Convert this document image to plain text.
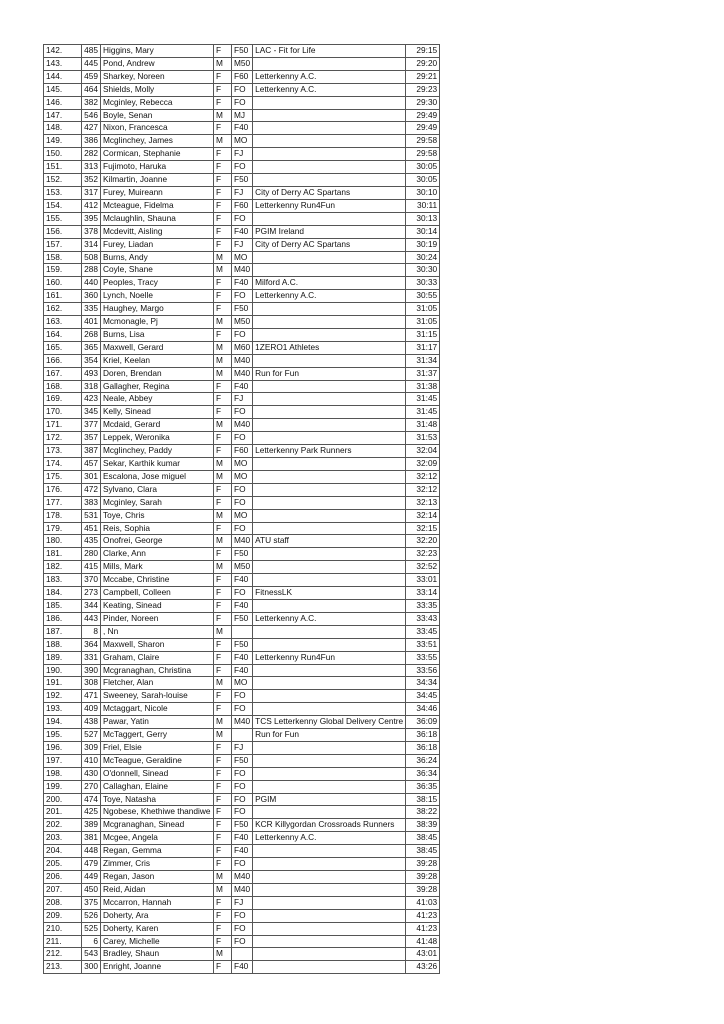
142.	485	Higgins, Mary	F	F50	LAC - Fit for Life	29:15
143.	445	Pond, Andrew	M	M50		29:20
144.	459	Sharkey, Noreen	F	F60	Letterkenny A.C.	29:21
145.	464	Shields, Molly	F	FO	Letterkenny A.C.	29:23
146.	382	Mcginley, Rebecca	F	FO		29:30
147.	546	Boyle, Senan	M	MJ		29:49
148.	427	Nixon, Francesca	F	F40		29:49
149.	386	Mcglinchey, James	M	MO		29:58
150.	282	Cormican, Stephanie	F	FJ		29:58
151.	313	Fujimoto, Haruka	F	FO		30:05
152.	352	Kilmartin, Joanne	F	F50		30:05
153.	317	Furey, Muireann	F	FJ	City of Derry AC Spartans	30:10
154.	412	Mcteague, Fidelma	F	F60	Letterkenny Run4Fun	30:11
155.	395	Mclaughlin, Shauna	F	FO		30:13
156.	378	Mcdevitt, Aisling	F	F40	PGIM Ireland	30:14
157.	314	Furey, Liadan	F	FJ	City of Derry AC Spartans	30:19
158.	508	Burns, Andy	M	MO		30:24
159.	288	Coyle, Shane	M	M40		30:30
160.	440	Peoples, Tracy	F	F40	Milford A.C.	30:33
161.	360	Lynch, Noelle	F	FO	Letterkenny A.C.	30:55
162.	335	Haughey, Margo	F	F50		31:05
163.	401	Mcmonagle, Pj	M	M50		31:05
164.	268	Burns, Lisa	F	FO		31:15
165.	365	Maxwell, Gerard	M	M60	1ZERO1 Athletes	31:17
166.	354	Kriel, Keelan	M	M40		31:34
167.	493	Doren, Brendan	M	M40	Run for Fun	31:37
168.	318	Gallagher, Regina	F	F40		31:38
169.	423	Neale, Abbey	F	FJ		31:45
170.	345	Kelly, Sinead	F	FO		31:45
171.	377	Mcdaid, Gerard	M	M40		31:48
172.	357	Leppek, Weronika	F	FO		31:53
173.	387	Mcglinchey, Paddy	F	F60	Letterkenny Park Runners	32:04
174.	457	Sekar, Karthik kumar	M	MO		32:09
175.	301	Escalona, Jose miguel	M	MO		32:12
176.	472	Sylvano, Clara	F	FO		32:12
177.	383	Mcginley, Sarah	F	FO		32:13
178.	531	Toye, Chris	M	MO		32:14
179.	451	Reis, Sophia	F	FO		32:15
180.	435	Onofrei, George	M	M40	ATU staff	32:20
181.	280	Clarke, Ann	F	F50		32:23
182.	415	Mills, Mark	M	M50		32:52
183.	370	Mccabe, Christine	F	F40		33:01
184.	273	Campbell, Colleen	F	FO	FitnessLK	33:14
185.	344	Keating, Sinead	F	F40		33:35
186.	443	Pinder, Noreen	F	F50	Letterkenny A.C.	33:43
187.	8	, Nn	M			33:45
188.	364	Maxwell, Sharon	F	F50		33:51
189.	331	Graham, Claire	F	F40	Letterkenny Run4Fun	33:55
190.	390	Mcgranaghan, Christina	F	F40		33:56
191.	308	Fletcher, Alan	M	MO		34:34
192.	471	Sweeney, Sarah-louise	F	FO		34:45
193.	409	Mctaggart, Nicole	F	FO		34:46
194.	438	Pawar, Yatin	M	M40	TCS Letterkenny Global Delivery Centre	36:09
195.	527	McTaggert, Gerry	M		Run for Fun	36:18
196.	309	Friel, Elsie	F	FJ		36:18
197.	410	McTeague, Geraldine	F	F50		36:24
198.	430	O'donnell, Sinead	F	FO		36:34
199.	270	Callaghan, Elaine	F	FO		36:35
200.	474	Toye, Natasha	F	FO	PGIM	38:15
201.	425	Ngobese, Khethiwe thandiwe	F	FO		38:22
202.	389	Mcgranaghan, Sinead	F	F50	KCR Killygordan Crossroads Runners	38:39
203.	381	Mcgee, Angela	F	F40	Letterkenny A.C.	38:45
204.	448	Regan, Gemma	F	F40		38:45
205.	479	Zimmer, Cris	F	FO		39:28
206.	449	Regan, Jason	M	M40		39:28
207.	450	Reid, Aidan	M	M40		39:28
208.	375	Mccarron, Hannah	F	FJ		41:03
209.	526	Doherty, Ara	F	FO		41:23
210.	525	Doherty, Karen	F	FO		41:23
211.	6	Carey, Michelle	F	FO		41:48
212.	543	Bradley, Shaun	M			43:01
213.	300	Enright, Joanne	F	F40		43:26
